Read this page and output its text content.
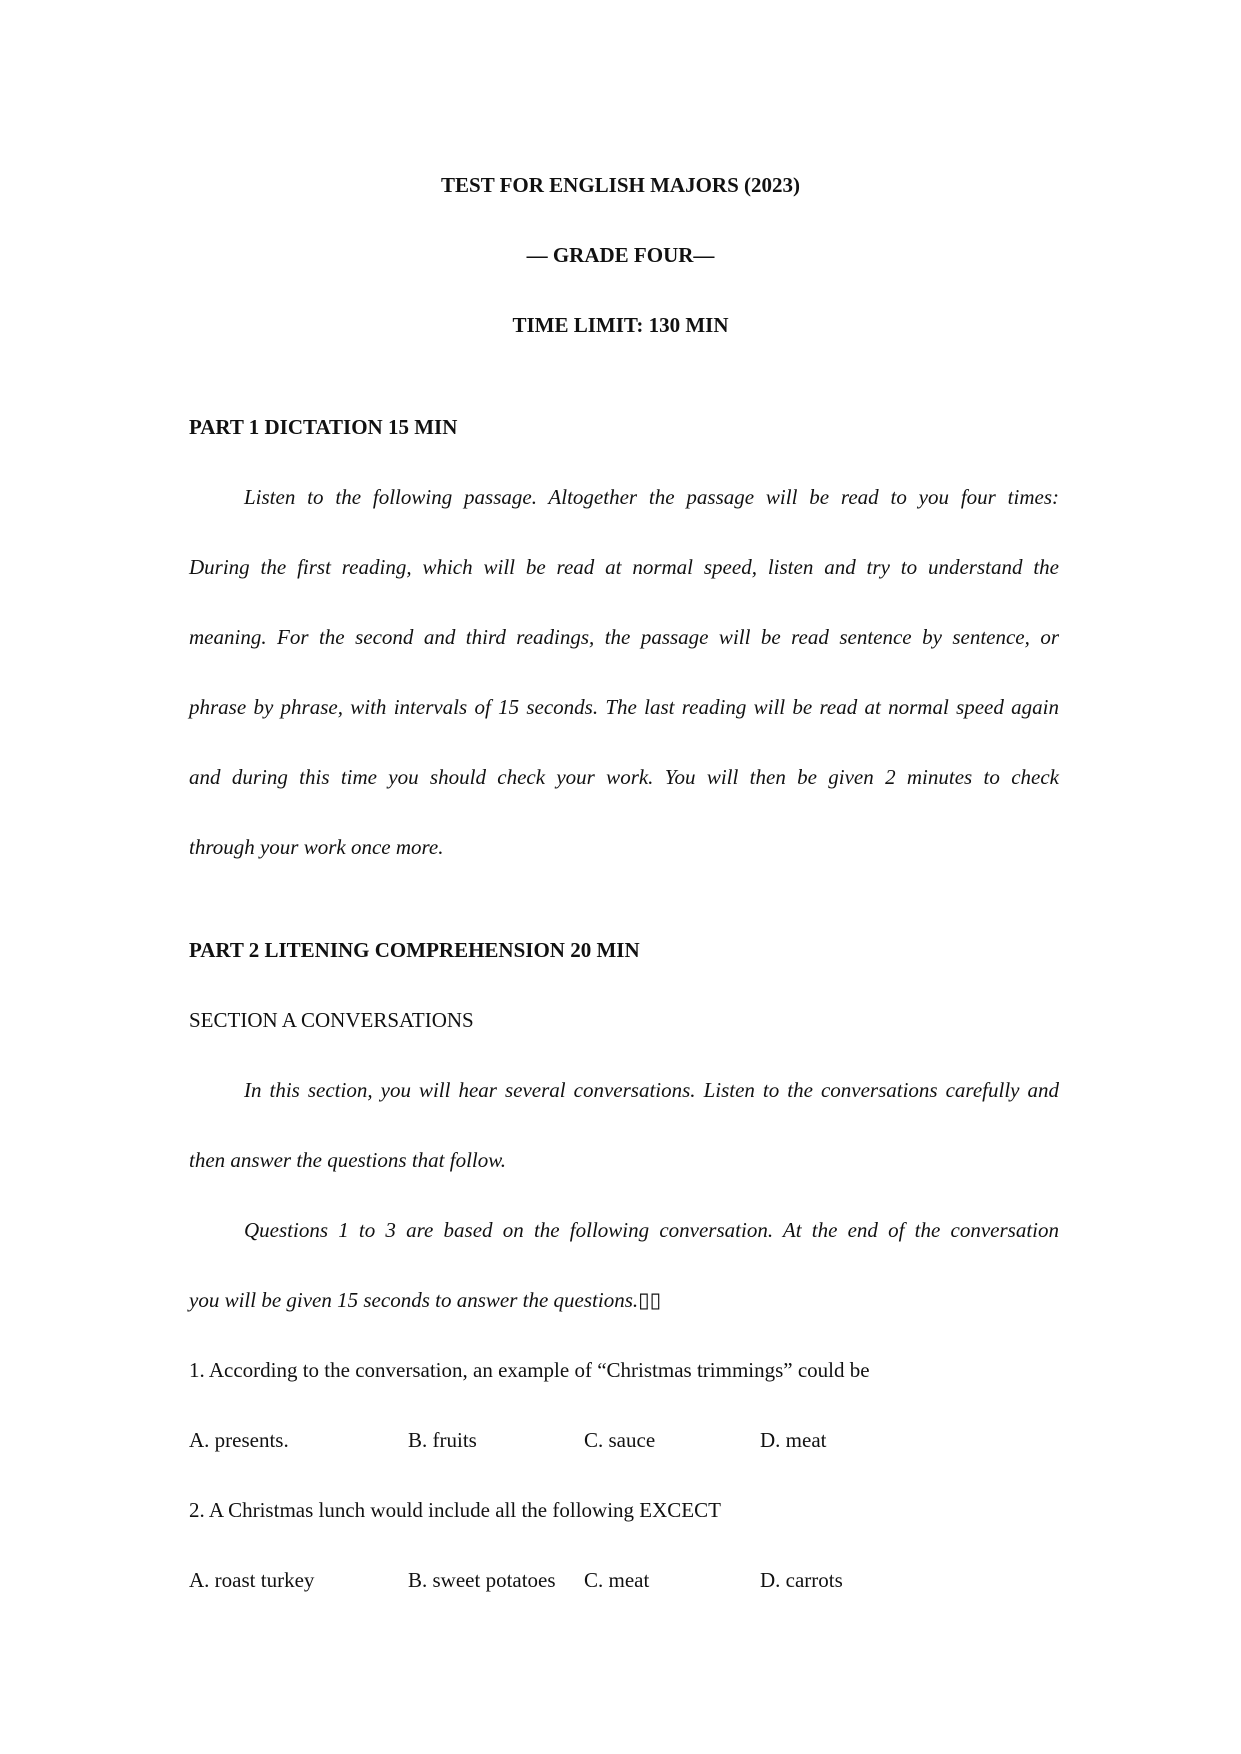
TEST FOR ENGLISH MAJORS (2023)
— GRADE FOUR—
TIME LIMIT: 130 MIN
PART 1 DICTATION 15 MIN
Listen to the following passage. Altogether the passage will be read to you four times:
During the first reading, which will be read at normal speed, listen and try to understand the
meaning. For the second and third readings, the passage will be read sentence by sentence, or
phrase by phrase, with intervals of 15 seconds. The last reading will be read at normal speed again
and during this time you should check your work. You will then be given 2 minutes to check
through your work once more.
PART 2 LITENING COMPREHENSION 20 MIN
SECTION A CONVERSATIONS
In this section, you will hear several conversations. Listen to the conversations carefully and
then answer the questions that follow.
Questions 1 to 3 are based on the following conversation. At the end of the conversation
you will be given 15 seconds to answer the questions.▯▯
1. According to the conversation, an example of “Christmas trimmings” could be
A. presents.	B. fruits	C. sauce	D. meat
2. A Christmas lunch would include all the following EXCECT
A. roast turkey	B. sweet potatoes C. meat	D. carrots
